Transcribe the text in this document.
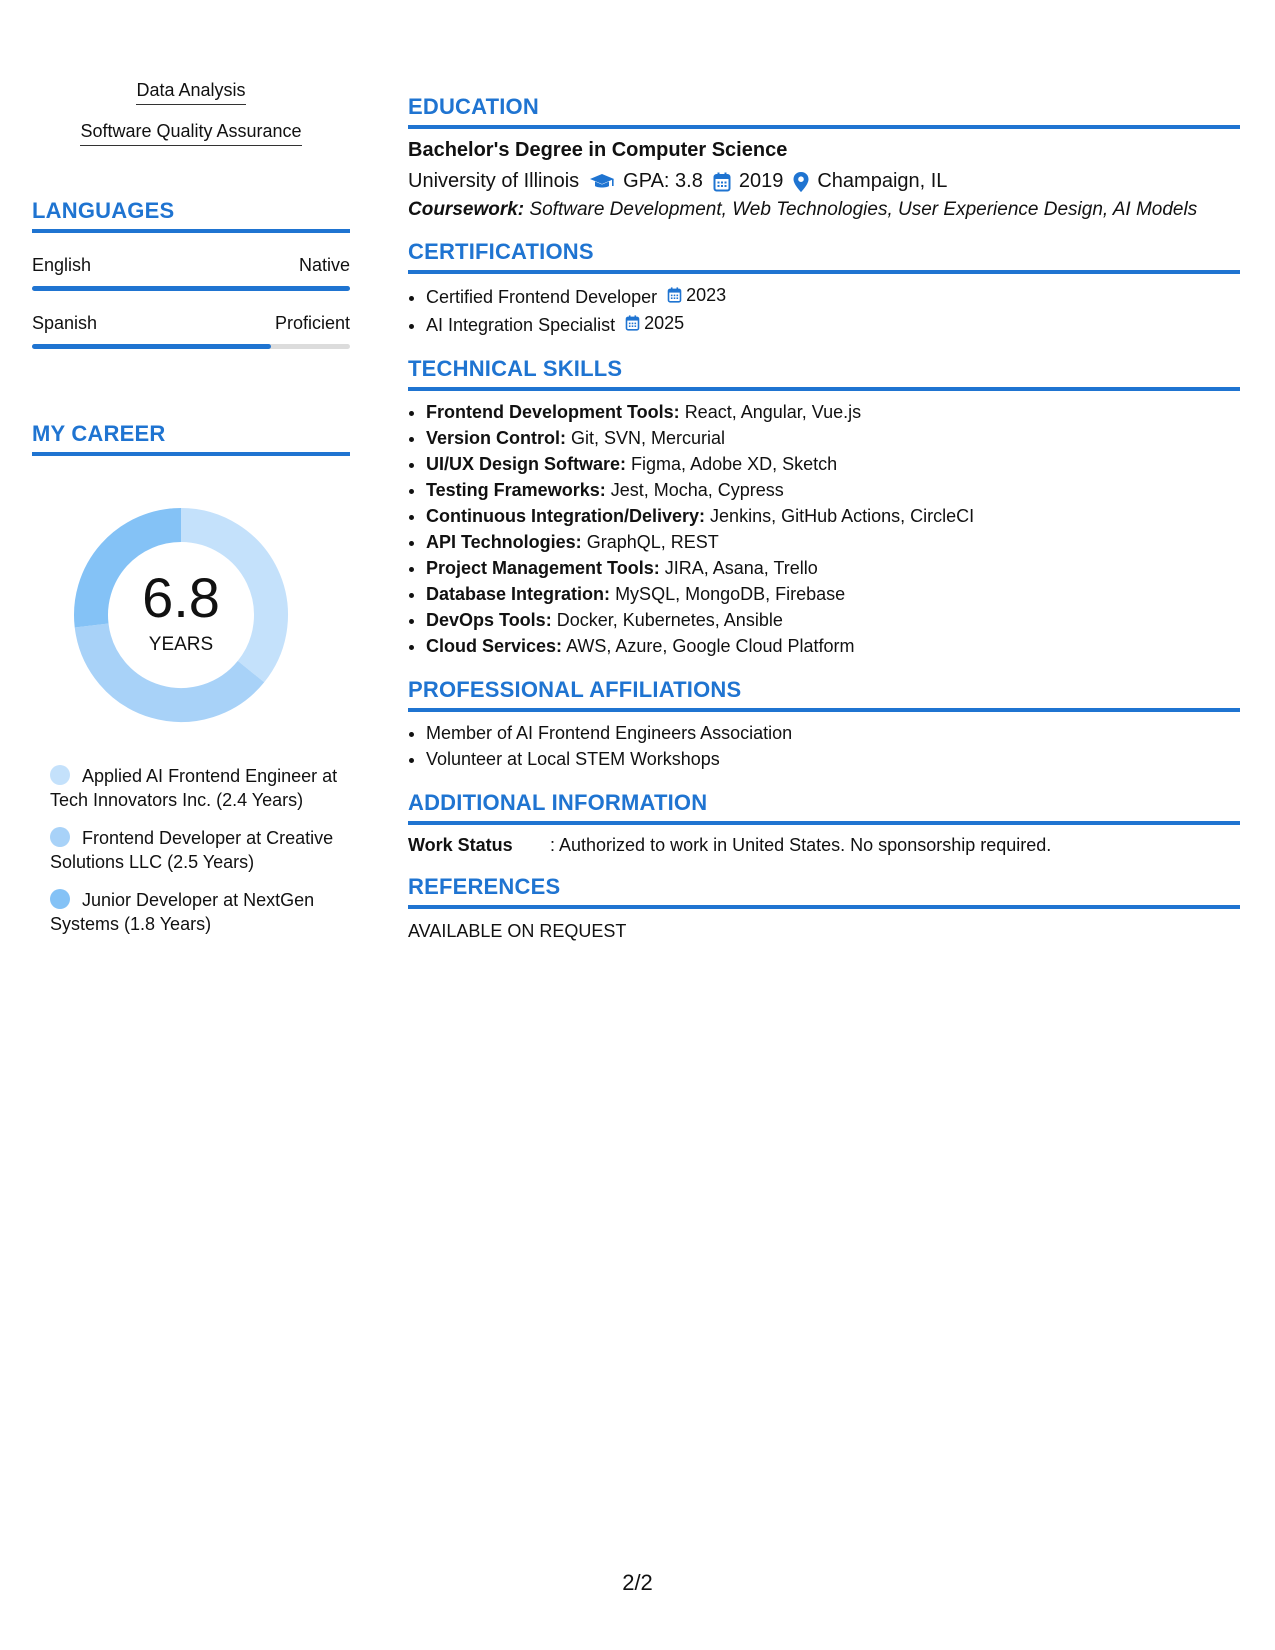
Data Analysis
Software Quality Assurance
LANGUAGES
English	Native
Spanish	Proficient
MY CAREER
6.8
YEARS
Applied AI Frontend Engineer at Tech Innovators Inc. (2.4 Years)
Frontend Developer at Creative Solutions LLC (2.5 Years)
Junior Developer at NextGen Systems (1.8 Years)
EDUCATION
Bachelor's Degree in Computer Science
University of Illinois GPA: 3.8 2019 Champaign, IL
Coursework: Software Development, Web Technologies, User Experience Design, AI Models
CERTIFICATIONS
• Certified Frontend Developer 2023
• AI Integration Specialist 2025
TECHNICAL SKILLS
• Frontend Development Tools: React, Angular, Vue.js
• Version Control: Git, SVN, Mercurial
• UI/UX Design Software: Figma, Adobe XD, Sketch
• Testing Frameworks: Jest, Mocha, Cypress
• Continuous Integration/Delivery: Jenkins, GitHub Actions, CircleCI
• API Technologies: GraphQL, REST
• Project Management Tools: JIRA, Asana, Trello
• Database Integration: MySQL, MongoDB, Firebase
• DevOps Tools: Docker, Kubernetes, Ansible
• Cloud Services: AWS, Azure, Google Cloud Platform
PROFESSIONAL AFFILIATIONS
• Member of AI Frontend Engineers Association
• Volunteer at Local STEM Workshops
ADDITIONAL INFORMATION
Work Status	: Authorized to work in United States. No sponsorship required.
REFERENCES
AVAILABLE ON REQUEST
2/2
